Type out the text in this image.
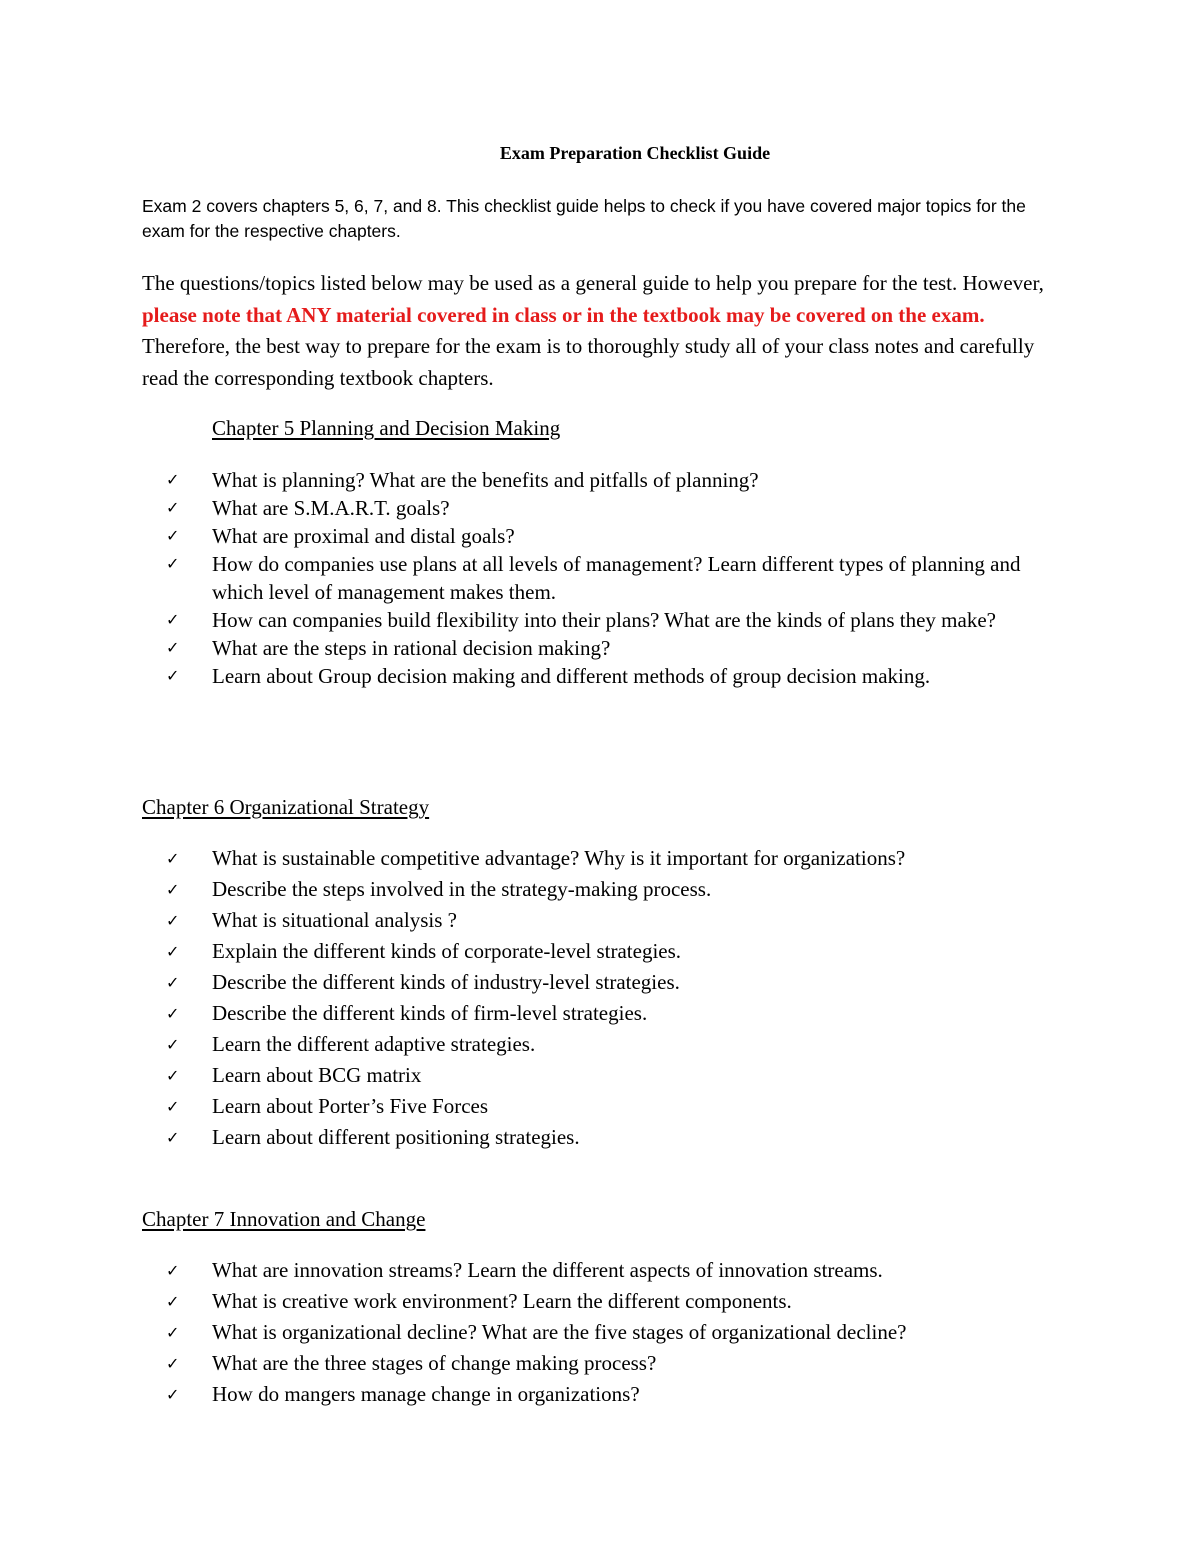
Exam Preparation Checklist Guide
Exam 2 covers chapters 5, 6, 7, and 8. This checklist guide helps to check if you have covered major topics for the exam for the respective chapters.
The questions/topics listed below may be used as a general guide to help you prepare for the test. However, please note that ANY material covered in class or in the textbook may be covered on the exam. Therefore, the best way to prepare for the exam is to thoroughly study all of your class notes and carefully read the corresponding textbook chapters.
Chapter 5 Planning and Decision Making
✓ What is planning? What are the benefits and pitfalls of planning?
✓ What are S.M.A.R.T. goals?
✓ What are proximal and distal goals?
✓ How do companies use plans at all levels of management? Learn different types of planning and which level of management makes them.
✓ How can companies build flexibility into their plans? What are the kinds of plans they make?
✓ What are the steps in rational decision making?
✓ Learn about Group decision making and different methods of group decision making.
Chapter 6 Organizational Strategy
✓ What is sustainable competitive advantage? Why is it important for organizations?
✓ Describe the steps involved in the strategy-making process.
✓ What is situational analysis ?
✓ Explain the different kinds of corporate-level strategies.
✓ Describe the different kinds of industry-level strategies.
✓ Describe the different kinds of firm-level strategies.
✓ Learn the different adaptive strategies.
✓ Learn about BCG matrix
✓ Learn about Porter’s Five Forces
✓ Learn about different positioning strategies.
Chapter 7 Innovation and Change
✓ What are innovation streams? Learn the different aspects of innovation streams.
✓ What is creative work environment? Learn the different components.
✓ What is organizational decline? What are the five stages of organizational decline?
✓ What are the three stages of change making process?
✓ How do mangers manage change in organizations?
